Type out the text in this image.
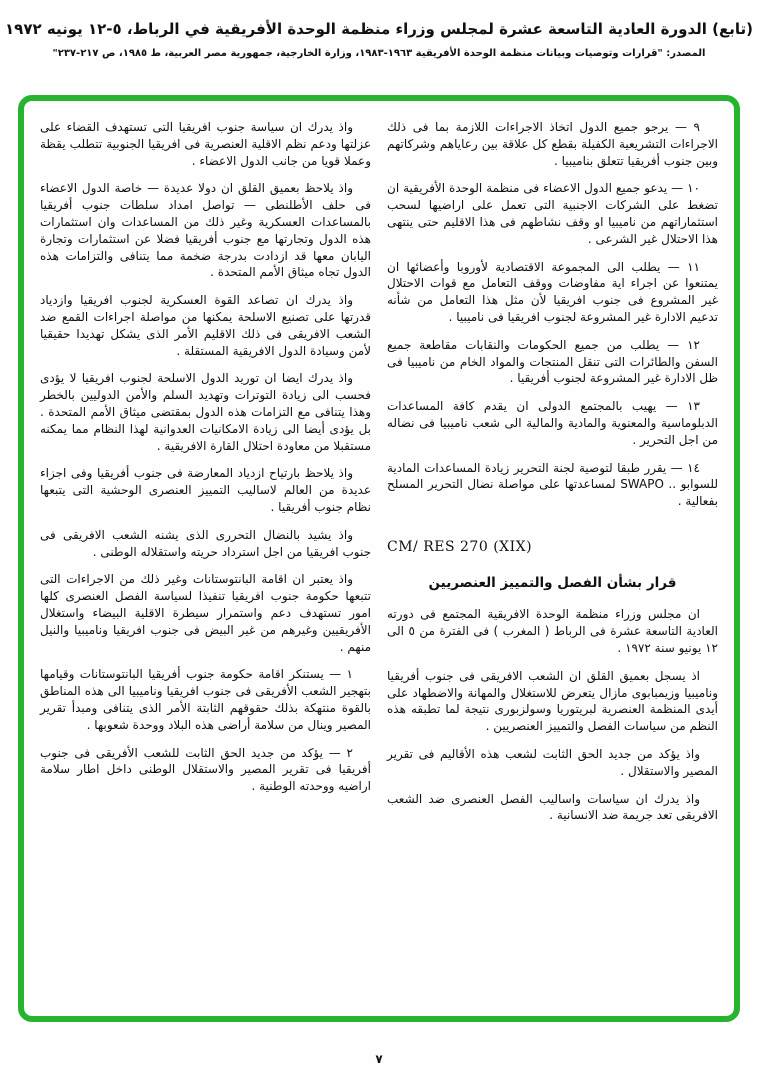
(تابع) الدورة العادية التاسعة عشرة لمجلس وزراء منظمة الوحدة الأفريقية في الرباط، ٥-١٢ يونيه ١٩٧٢
المصدر: "قرارات وتوصيات وبيانات منظمة الوحدة الأفريقية ١٩٦٣-١٩٨٣، وزارة الخارجية، جمهورية مصر العربية، ط ١٩٨٥، ص ٢١٧-٢٣٧"

٩ — يرجو جميع الدول اتخاذ الاجراءات اللازمة بما فى ذلك الاجراءات التشريعية الكفيلة بقطع كل علاقة بين رعاياهم وشركاتهم وبين جنوب أفريقيا تتعلق بناميبيا .

١٠ — يدعو جميع الدول الاعضاء فى منظمة الوحدة الأفريقية ان تضغط على الشركات الاجنبية التى تعمل على اراضيها لسحب استثماراتهم من ناميبيا او وقف نشاطهم فى هذا الاقليم حتى ينتهى هذا الاحتلال غير الشرعى .

١١ — يطلب الى المجموعة الاقتصادية لأوروبا وأعضائها ان يمتنعوا عن اجراء اية مفاوضات ووقف التعامل مع قوات الاحتلال غير المشروع فى جنوب افريقيا لأن مثل هذا التعامل من شأنه تدعيم الادارة غير المشروعة لجنوب افريقيا فى ناميبيا .

١٢ — يطلب من جميع الحكومات والنقابات مقاطعة جميع السفن والطائرات التى تنقل المنتجات والمواد الخام من ناميبيا فى ظل الادارة غير المشروعة لجنوب أفريقيا .

١٣ — يهيب بالمجتمع الدولى ان يقدم كافة المساعدات الدبلوماسية والمعنوية والمادية والمالية الى شعب ناميبيا فى نضاله من اجل التحرير .

١٤ — يقرر طبقا لتوصية لجنة التحرير زيادة المساعدات المادية للسوابو .. SWAPO لمساعدتها على مواصلة نضال التحرير المسلح بفعالية .

CM/ RES 270 (XIX)

قرار بشأن الفصل والتمييز العنصريين

ان مجلس وزراء منظمة الوحدة الافريقية المجتمع فى دورته العادية التاسعة عشرة فى الرباط ( المغرب ) فى الفترة من ٥ الى ١٢ يونيو سنة ١٩٧٢ .

اذ يسجل بعميق القلق ان الشعب الافريقى فى جنوب أفريقيا وناميبيا وزيمبابوى مازال يتعرض للاستغلال والمهانة والاضطهاد على أيدى المنظمة العنصرية لبريتوريا وسولزبورى نتيجة لما تطبقه هذه النظم من سياسات الفصل والتمييز العنصريين .

واذ يؤكد من جديد الحق الثابت لشعب هذه الأقاليم فى تقرير المصير والاستقلال .

واذ يدرك ان سياسات واساليب الفصل العنصرى ضد الشعب الافريقى تعد جريمة ضد الانسانية .

واذ يدرك ان سياسة جنوب افريقيا التى تستهدف القضاء على عزلتها ودعم نظم الاقلية العنصرية فى افريقيا الجنوبية تتطلب يقظة وعملا قويا من جانب الدول الاعضاء .

واذ يلاحظ بعميق القلق ان دولا عديدة — خاصة الدول الاعضاء فى حلف الأطلنطى — تواصل امداد سلطات جنوب أفريقيا بالمساعدات العسكرية وغير ذلك من المساعدات وان استثمارات هذه الدول وتجارتها مع جنوب أفريقيا فضلا عن استثمارات وتجارة اليابان معها قد ازدادت بدرجة ضخمة مما يتنافى والتزامات هذه الدول تجاه ميثاق الأمم المتحدة .

واذ يدرك ان تصاعد القوة العسكرية لجنوب افريقيا وازدياد قدرتها على تصنيع الاسلحة يمكنها من مواصلة اجراءات القمع ضد الشعب الافريقى فى ذلك الاقليم الأمر الذى يشكل تهديدا حقيقيا لأمن وسيادة الدول الافريقية المستقلة .

واذ يدرك ايضا ان توريد الدول الاسلحة لجنوب افريقيا لا يؤدى فحسب الى زيادة التوترات وتهديد السلم والأمن الدوليين بالخطر وهذا يتنافى مع التزامات هذه الدول بمقتضى ميثاق الأمم المتحدة . بل يؤدى أيضا الى زيادة الامكانيات العدوانية لهذا النظام مما يمكنه مستقبلا من معاودة احتلال القارة الافريقية .

واذ يلاحظ بارتياح ازدياد المعارضة فى جنوب أفريقيا وفى اجزاء عديدة من العالم لاساليب التمييز العنصرى الوحشية التى يتبعها نظام جنوب أفريقيا .

واذ يشيد بالنضال التحررى الذى يشنه الشعب الافريقى فى جنوب افريقيا من اجل استرداد حريته واستقلاله الوطنى .

واذ يعتبر ان اقامة البانتوستانات وغير ذلك من الاجراءات التى تتبعها حكومة جنوب افريقيا تنفيذا لسياسة الفصل العنصرى كلها امور تستهدف دعم واستمرار سيطرة الاقلية البيضاء واستغلال الأفريقيين وغيرهم من غير البيض فى جنوب افريقيا وناميبيا والنيل منهم .

١ — يستنكر اقامة حكومة جنوب أفريقيا البانتوستانات وقيامها بتهجير الشعب الأفريقى فى جنوب افريقيا وناميبيا الى هذه المناطق بالقوة منتهكة بذلك حقوقهم الثابتة الأمر الذى يتنافى ومبدأ تقرير المصير وينال من سلامة أراضى هذه البلاد ووحدة شعوبها .

٢ — يؤكد من جديد الحق الثابت للشعب الأفريقى فى جنوب أفريقيا فى تقرير المصير والاستقلال الوطنى داخل اطار سلامة اراضيه ووحدته الوطنية .

٧
